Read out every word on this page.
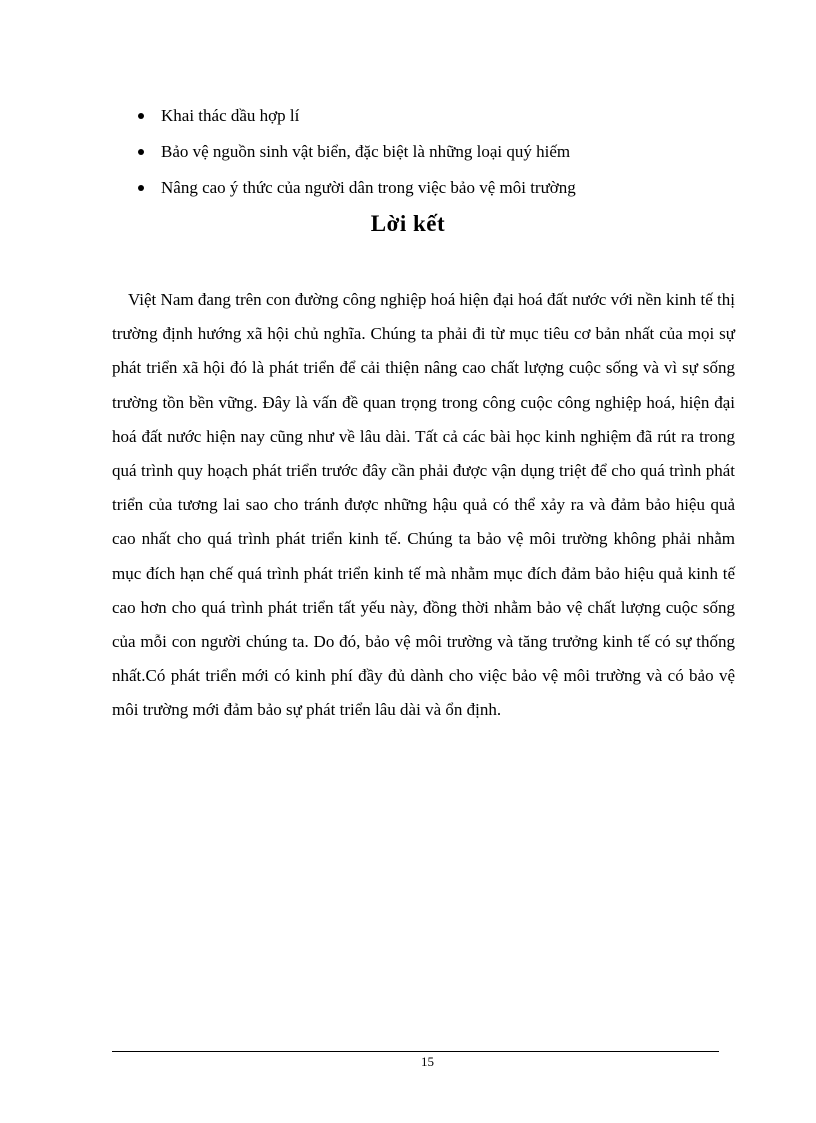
Khai thác dầu hợp lí
Bảo vệ nguồn sinh vật biển, đặc biệt là những loại quý hiếm
Nâng cao ý thức của người dân trong việc bảo vệ môi trường
Lời kết

Việt Nam đang trên con đường công nghiệp hoá hiện đại hoá đất nước với nền kinh tế thị trường định hướng xã hội chủ nghĩa. Chúng ta phải đi từ mục tiêu cơ bản nhất của mọi sự phát triển xã hội đó là phát triển để cải thiện nâng cao chất lượng cuộc sống và vì sự sống trường tồn bền vững. Đây là vấn đề quan trọng trong công cuộc công nghiệp hoá, hiện đại hoá đất nước hiện nay cũng như về lâu dài. Tất cả các bài học kinh nghiệm đã rút ra trong quá trình quy hoạch phát triển trước đây cần phải được vận dụng triệt để cho quá trình phát triển của tương lai sao cho tránh được những hậu quả có thể xảy ra và đảm bảo hiệu quả cao nhất cho quá trình phát triển kinh tế. Chúng ta bảo vệ môi trường không phải nhằm mục đích hạn chế quá trình phát triển kinh tế mà nhằm mục đích đảm bảo hiệu quả kinh tế cao hơn cho quá trình phát triển tất yếu này, đồng thời nhằm bảo vệ chất lượng cuộc sống của mỗi con người chúng ta. Do đó, bảo vệ môi trường và tăng trưởng kinh tế có sự thống nhất.Có phát triển mới có kinh phí đầy đủ dành cho việc bảo vệ môi trường và có bảo vệ môi trường mới đảm bảo sự phát triển lâu dài và ổn định.

15
